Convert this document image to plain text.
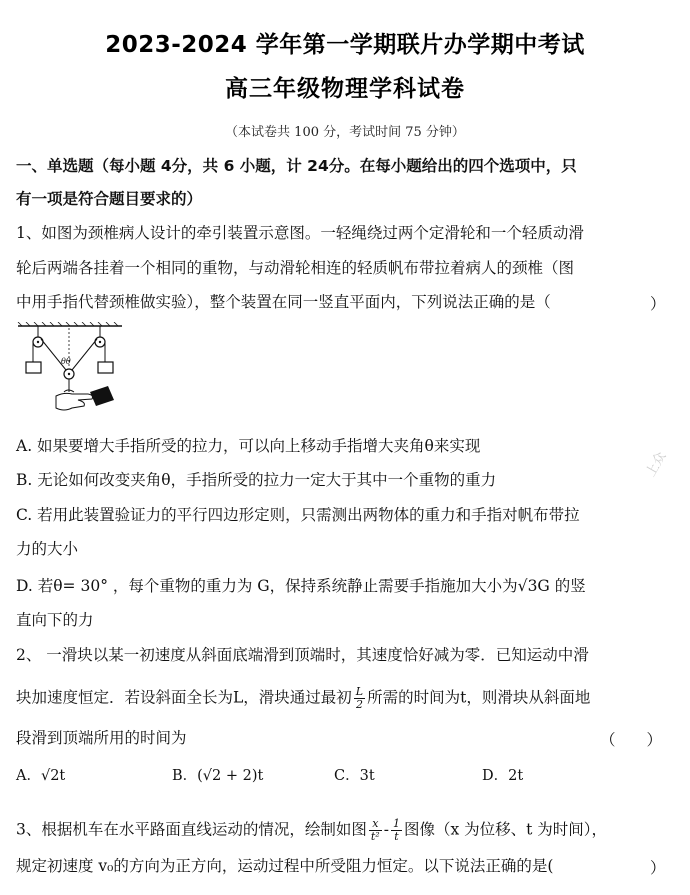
2023-2024 学年第一学期联片办学期中考试
高三年级物理学科试卷
（本试卷共 100 分，考试时间 75 分钟）
一、单选题（每小题 4分，共 6 小题，计 24分。在每小题给出的四个选项中，只
有一项是符合题目要求的）
1、如图为颈椎病人设计的牵引装置示意图。一轻绳绕过两个定滑轮和一个轻质动滑
轮后两端各挂着一个相同的重物，与动滑轮相连的轻质帆布带拉着病人的颈椎（图
中用手指代替颈椎做实验），整个装置在同一竖直平面内，下列说法正确的是（	）
θθ
A. 如果要增大手指所受的拉力，可以向上移动手指增大夹角θ来实现
B. 无论如何改变夹角θ，手指所受的拉力一定大于其中一个重物的重力
C. 若用此装置验证力的平行四边形定则，只需测出两物体的重力和手指对帆布带拉
力的大小
D. 若θ= 30° ，每个重物的重力为 G，保持系统静止需要手指施加大小为√3G 的竖
直向下的力
2、 一滑块以某一初速度从斜面底端滑到顶端时，其速度恰好减为零．已知运动中滑
块加速度恒定．若设斜面全长为L，滑块通过最初 $\frac{L}{2}$ 所需的时间为t，则滑块从斜面地
段滑到顶端所用的时间为	（　　）
A．√2t	B．(√2 + 2)t	C．3t	D．2t
3、根据机车在水平路面直线运动的情况，绘制如图 $\frac{x}{\text{t²}} - \frac{1}{t}$ 图像（x 为位移、t 为时间），
规定初速度 v₀的方向为正方向，运动过程中所受阻力恒定。以下说法正确的是(	）
上众
